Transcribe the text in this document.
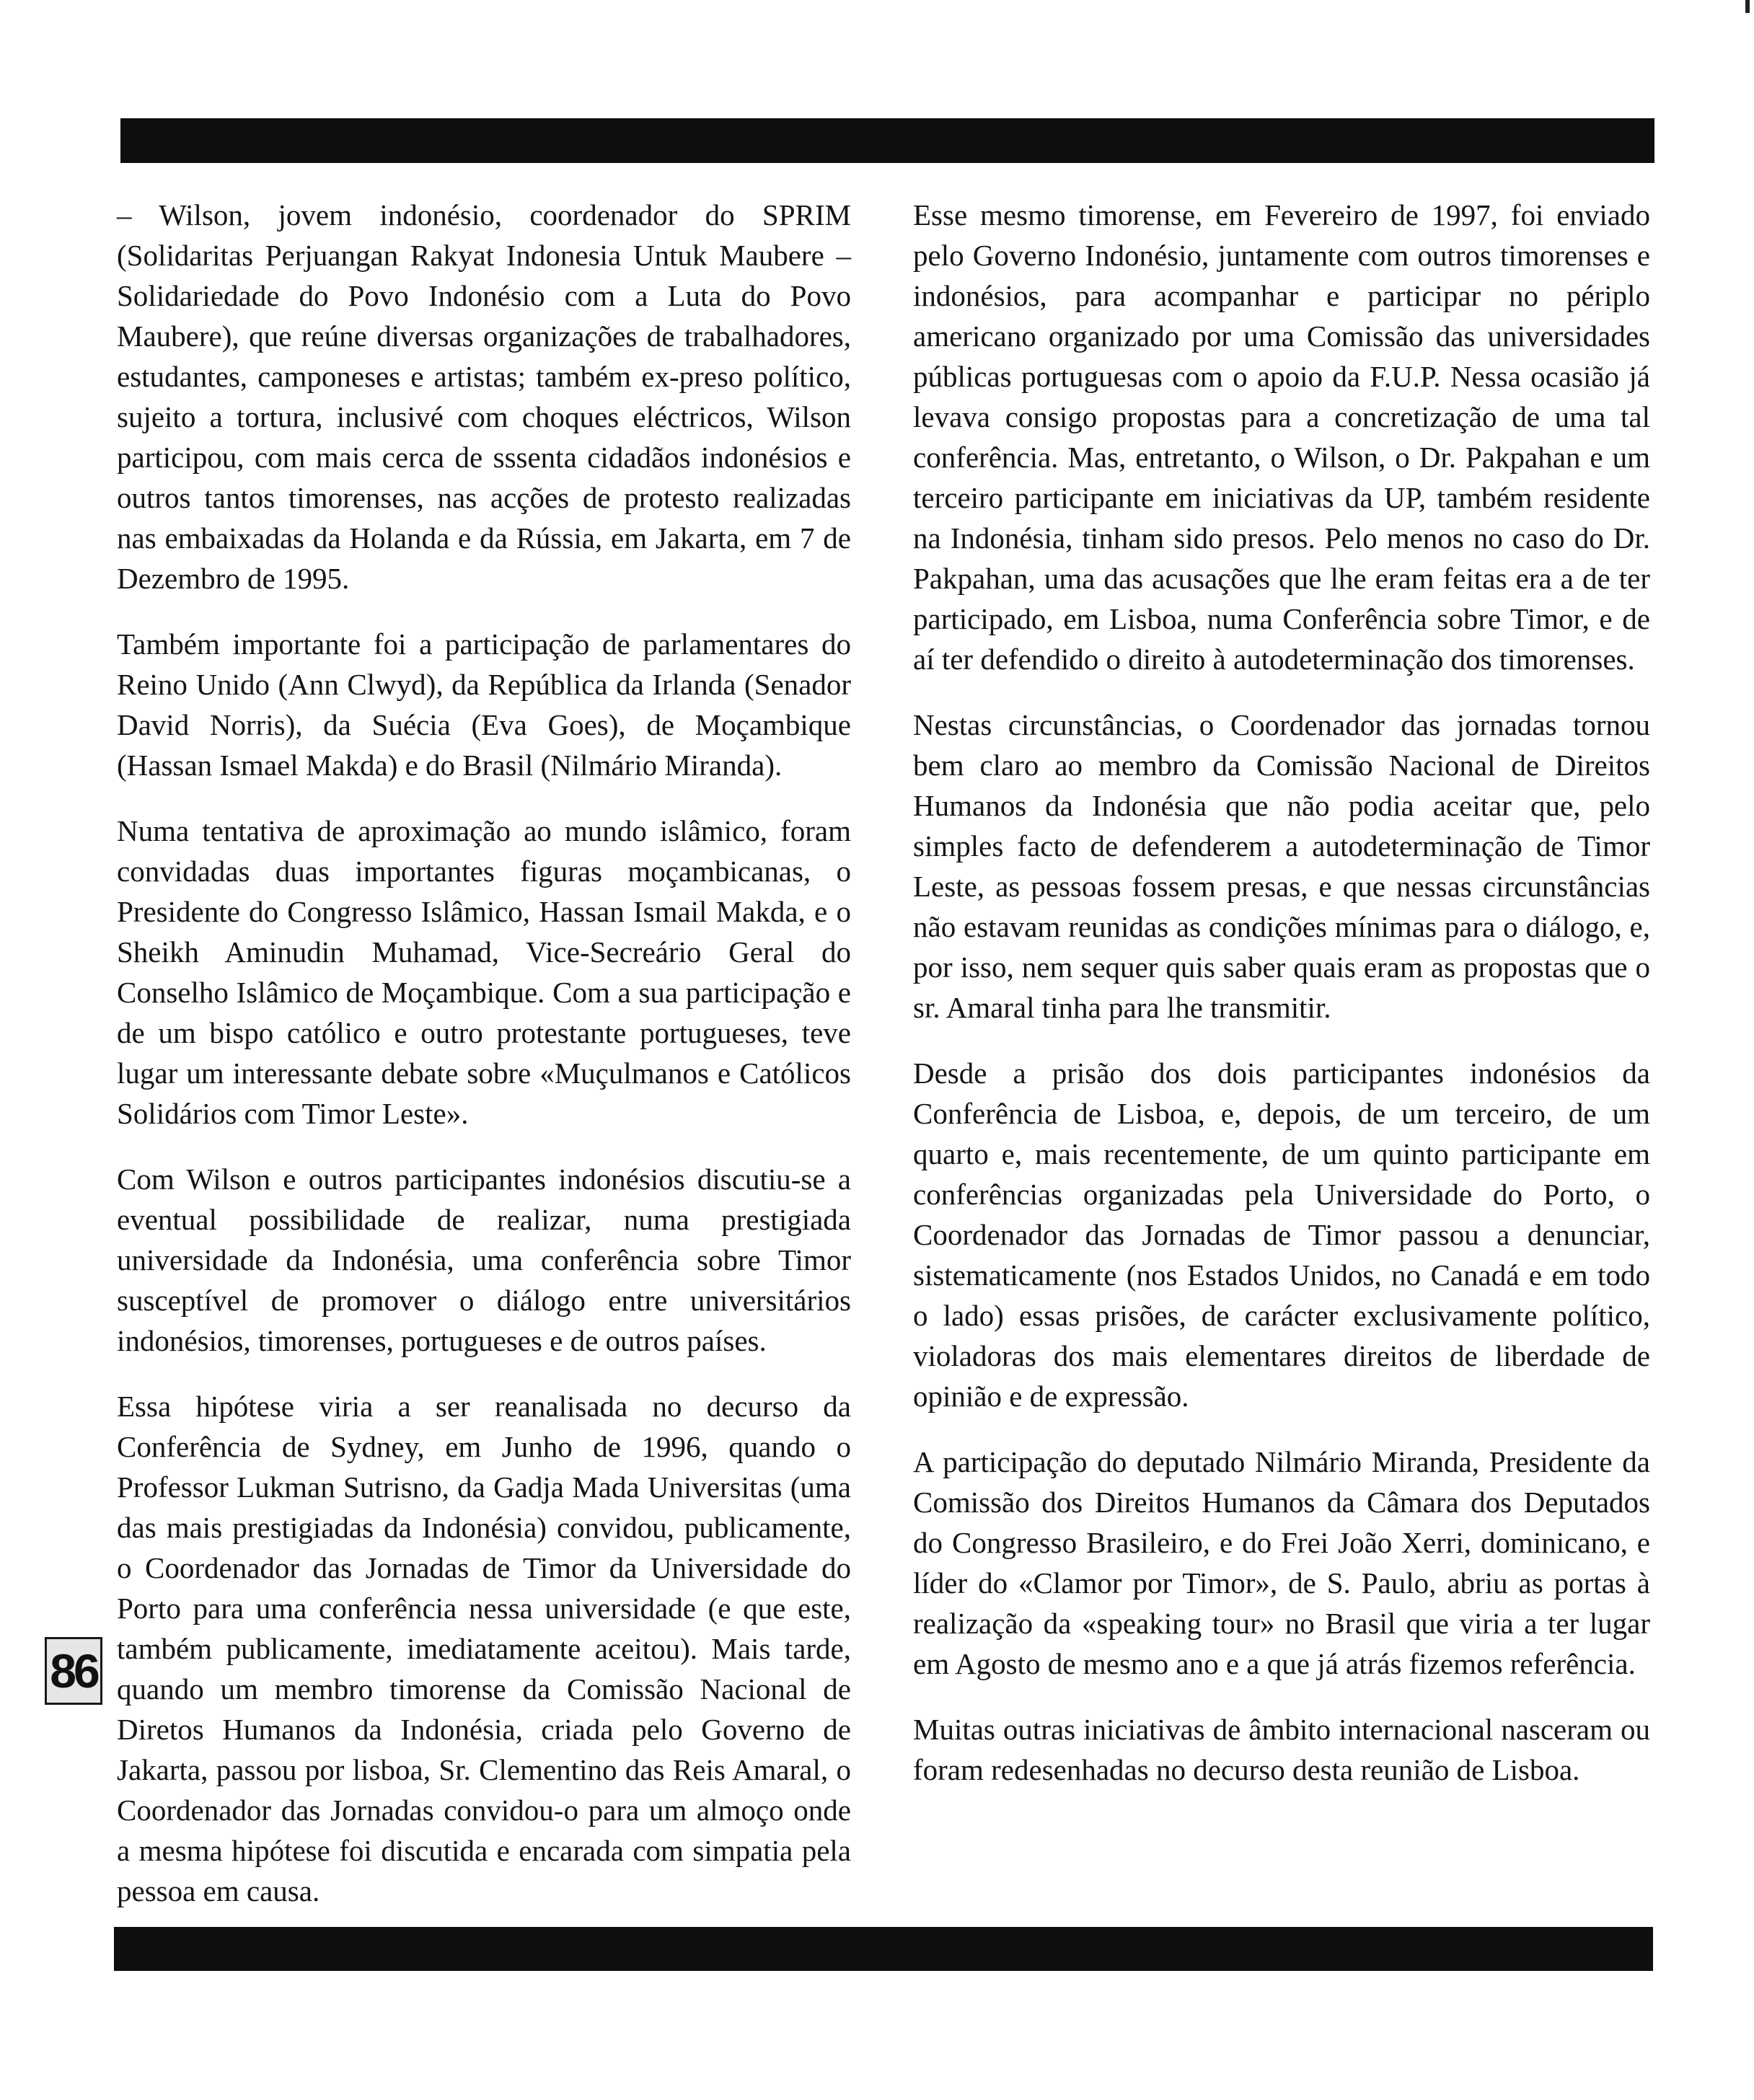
– Wilson, jovem indonésio, coordenador do SPRIM (Solidaritas Perjuangan Rakyat Indonesia Untuk Maubere – Solidariedade do Povo Indonésio com a Luta do Povo Maubere), que reúne diversas organizações de trabalhadores, estudantes, camponeses e artistas; também ex-preso político, sujeito a tortura, inclusivé com choques eléctricos, Wilson participou, com mais cerca de sssenta cidadãos indonésios e outros tantos timorenses, nas acções de protesto realizadas nas embaixadas da Holanda e da Rússia, em Jakarta, em 7 de Dezembro de 1995.

Também importante foi a participação de parlamentares do Reino Unido (Ann Clwyd), da República da Irlanda (Senador David Norris), da Suécia (Eva Goes), de Moçambique (Hassan Ismael Makda) e do Brasil (Nilmário Miranda).

Numa tentativa de aproximação ao mundo islâmico, foram convidadas duas importantes figuras moçambicanas, o Presidente do Congresso Islâmico, Hassan Ismail Makda, e o Sheikh Aminudin Muhamad, Vice-Secreário Geral do Conselho Islâmico de Moçambique. Com a sua participação e de um bispo católico e outro protestante portugueses, teve lugar um interessante debate sobre «Muçulmanos e Católicos Solidários com Timor Leste».

Com Wilson e outros participantes indonésios discutiu-se a eventual possibilidade de realizar, numa prestigiada universidade da Indonésia, uma conferência sobre Timor susceptível de promover o diálogo entre universitários indonésios, timorenses, portugueses e de outros países.

Essa hipótese viria a ser reanalisada no decurso da Conferência de Sydney, em Junho de 1996, quando o Professor Lukman Sutrisno, da Gadja Mada Universitas (uma das mais prestigiadas da Indonésia) convidou, publicamente, o Coordenador das Jornadas de Timor da Universidade do Porto para uma conferência nessa universidade (e que este, também publicamente, imediatamente aceitou). Mais tarde, quando um membro timorense da Comissão Nacional de Diretos Humanos da Indonésia, criada pelo Governo de Jakarta, passou por lisboa, Sr. Clementino das Reis Amaral, o Coordenador das Jornadas convidou-o para um almoço onde a mesma hipótese foi discutida e encarada com simpatia pela pessoa em causa.

Esse mesmo timorense, em Fevereiro de 1997, foi enviado pelo Governo Indonésio, juntamente com outros timorenses e indonésios, para acompanhar e participar no périplo americano organizado por uma Comissão das universidades públicas portuguesas com o apoio da F.U.P. Nessa ocasião já levava consigo propostas para a concretização de uma tal conferência. Mas, entretanto, o Wilson, o Dr. Pakpahan e um terceiro participante em iniciativas da UP, também residente na Indonésia, tinham sido presos. Pelo menos no caso do Dr. Pakpahan, uma das acusações que lhe eram feitas era a de ter participado, em Lisboa, numa Conferência sobre Timor, e de aí ter defendido o direito à autodeterminação dos timorenses.

Nestas circunstâncias, o Coordenador das jornadas tornou bem claro ao membro da Comissão Nacional de Direitos Humanos da Indonésia que não podia aceitar que, pelo simples facto de defenderem a autodeterminação de Timor Leste, as pessoas fossem presas, e que nessas circunstâncias não estavam reunidas as condições mínimas para o diálogo, e, por isso, nem sequer quis saber quais eram as propostas que o sr. Amaral tinha para lhe transmitir.

Desde a prisão dos dois participantes indonésios da Conferência de Lisboa, e, depois, de um terceiro, de um quarto e, mais recentemente, de um quinto participante em conferências organizadas pela Universidade do Porto, o Coordenador das Jornadas de Timor passou a denunciar, sistematicamente (nos Estados Unidos, no Canadá e em todo o lado) essas prisões, de carácter exclusivamente político, violadoras dos mais elementares direitos de liberdade de opinião e de expressão.

A participação do deputado Nilmário Miranda, Presidente da Comissão dos Direitos Humanos da Câmara dos Deputados do Congresso Brasileiro, e do Frei João Xerri, dominicano, e líder do «Clamor por Timor», de S. Paulo, abriu as portas à realização da «speaking tour» no Brasil que viria a ter lugar em Agosto de mesmo ano e a que já atrás fizemos referência.

Muitas outras iniciativas de âmbito internacional nasceram ou foram redesenhadas no decurso desta reunião de Lisboa.

86
